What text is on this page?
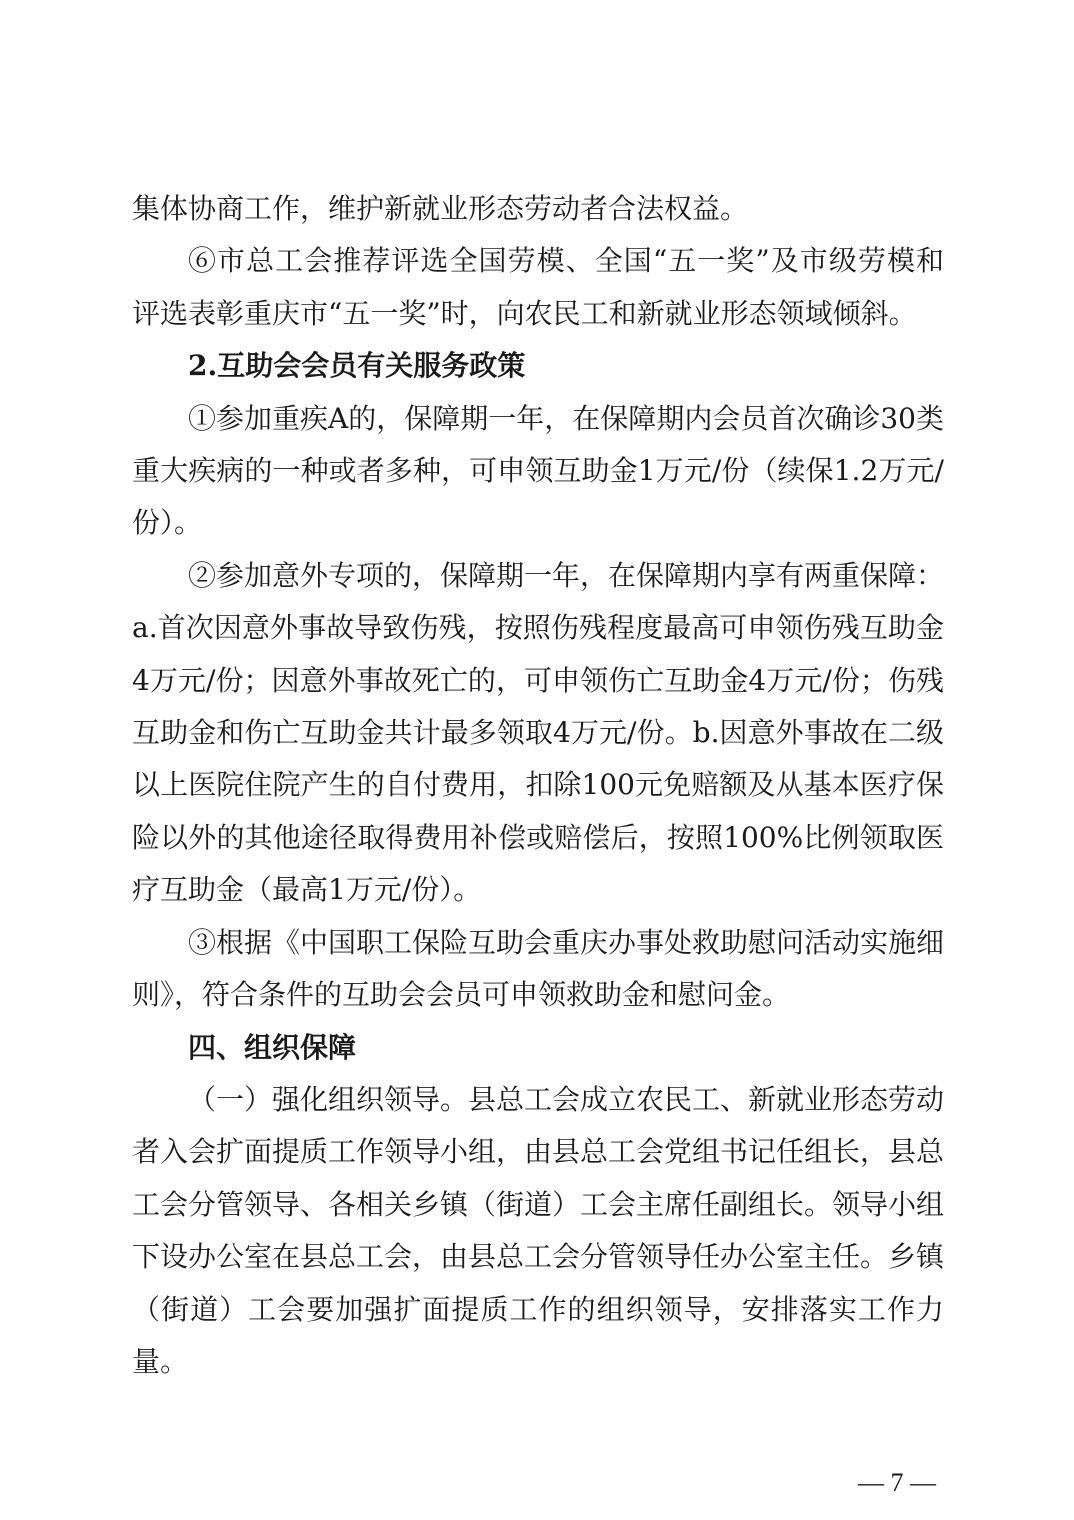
集体协商工作，维护新就业形态劳动者合法权益。

⑥市总工会推荐评选全国劳模、全国“五一奖”及市级劳模和评选表彰重庆市“五一奖”时，向农民工和新就业形态领域倾斜。

2.互助会会员有关服务政策

①参加重疾A的，保障期一年，在保障期内会员首次确诊30类重大疾病的一种或者多种，可申领互助金1万元/份（续保1.2万元/份）。

②参加意外专项的，保障期一年，在保障期内享有两重保障：a.首次因意外事故导致伤残，按照伤残程度最高可申领伤残互助金4万元/份；因意外事故死亡的，可申领伤亡互助金4万元/份；伤残互助金和伤亡互助金共计最多领取4万元/份。b.因意外事故在二级以上医院住院产生的自付费用，扣除100元免赔额及从基本医疗保险以外的其他途径取得费用补偿或赔偿后，按照100%比例领取医疗互助金（最高1万元/份）。

③根据《中国职工保险互助会重庆办事处救助慰问活动实施细则》，符合条件的互助会会员可申领救助金和慰问金。

四、组织保障

（一）强化组织领导。县总工会成立农民工、新就业形态劳动者入会扩面提质工作领导小组，由县总工会党组书记任组长，县总工会分管领导、各相关乡镇（街道）工会主席任副组长。领导小组下设办公室在县总工会，由县总工会分管领导任办公室主任。乡镇（街道）工会要加强扩面提质工作的组织领导，安排落实工作力量。

— 7 —
